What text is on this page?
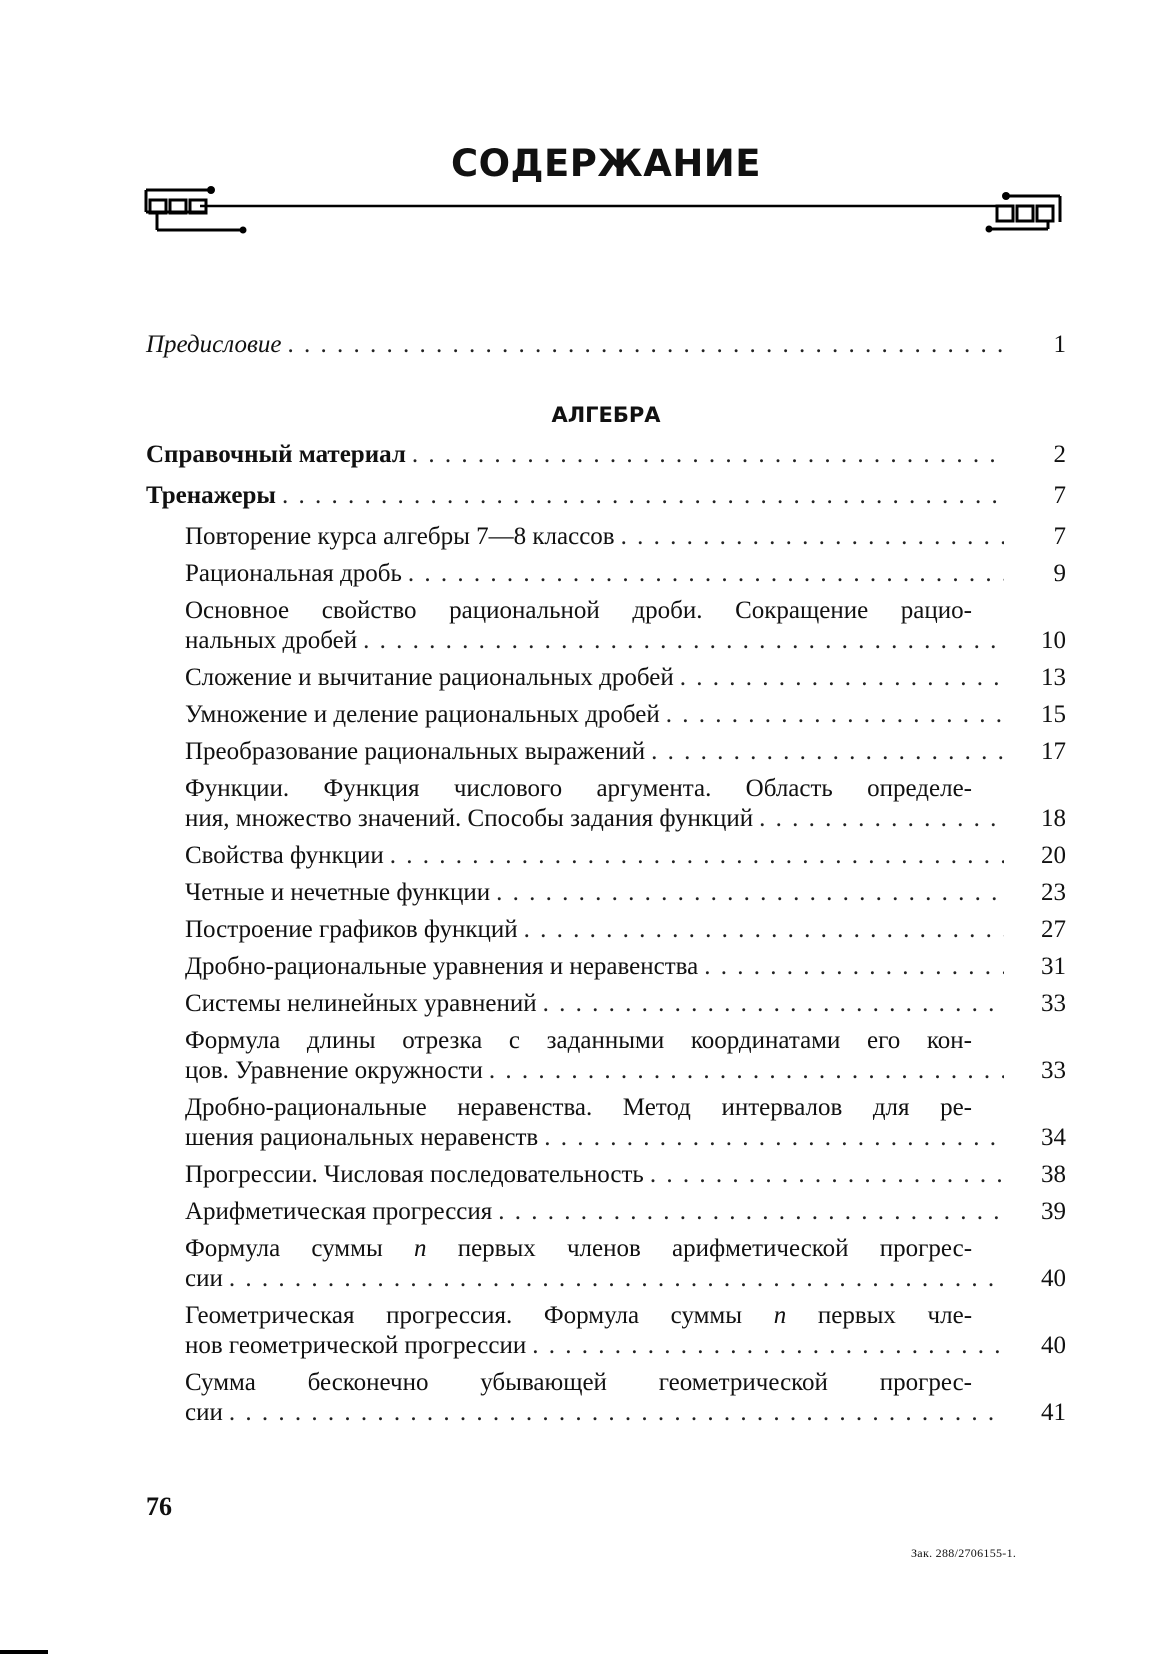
СОДЕРЖАНИЕ
Предисловие . . .	1
АЛГЕБРА
Справочный материал . . .	2
Тренажеры . . .	7
Повторение курса алгебры 7—8 классов . . .	7
Рациональная дробь . . .	9
Основное свойство рациональной дроби. Сокращение рацио-
нальных дробей . . .	10
Сложение и вычитание рациональных дробей . . .	13
Умножение и деление рациональных дробей . . .	15
Преобразование рациональных выражений . . .	17
Функции. Функция числового аргумента. Область определе-
ния, множество значений. Способы задания функций . . .	18
Свойства функции . . .	20
Четные и нечетные функции . . .	23
Построение графиков функций . . .	27
Дробно-рациональные уравнения и неравенства . . .	31
Системы нелинейных уравнений . . .	33
Формула длины отрезка с заданными координатами его кон-
цов. Уравнение окружности . . .	33
Дробно-рациональные неравенства. Метод интервалов для ре-
шения рациональных неравенств . . .	34
Прогрессии. Числовая последовательность . . .	38
Арифметическая прогрессия . . .	39
Формула суммы n первых членов арифметической прогрес-
сии . . .	40
Геометрическая прогрессия. Формула суммы n первых чле-
нов геометрической прогрессии . . .	40
Сумма бесконечно убывающей геометрической прогрес-
сии . . .	41
76
Зак. 288/2706155-1.
